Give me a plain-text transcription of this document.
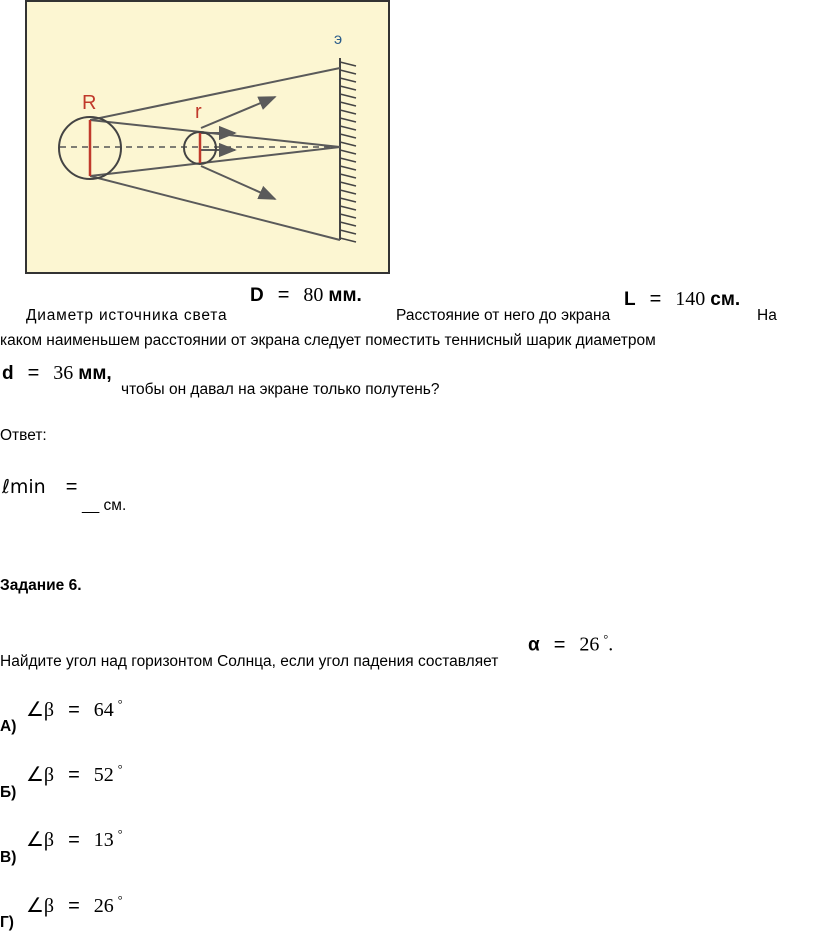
R	r
э
D = 80 мм.
Диаметр источника света	Расстояние от него до экрана
L = 140 см.
На
каком наименьшем расстоянии от экрана следует поместить теннисный шарик диаметром
d = 36 мм,
чтобы он давал на экране только полутень?
Ответ:
ℓmin =
__ см.
Задание 6.
α = 26 °.
Найдите угол над горизонтом Солнца, если угол падения составляет
∠β = 64 °
А)
∠β = 52 °
Б)
∠β = 13 °
В)
∠β = 26 °
Г)
